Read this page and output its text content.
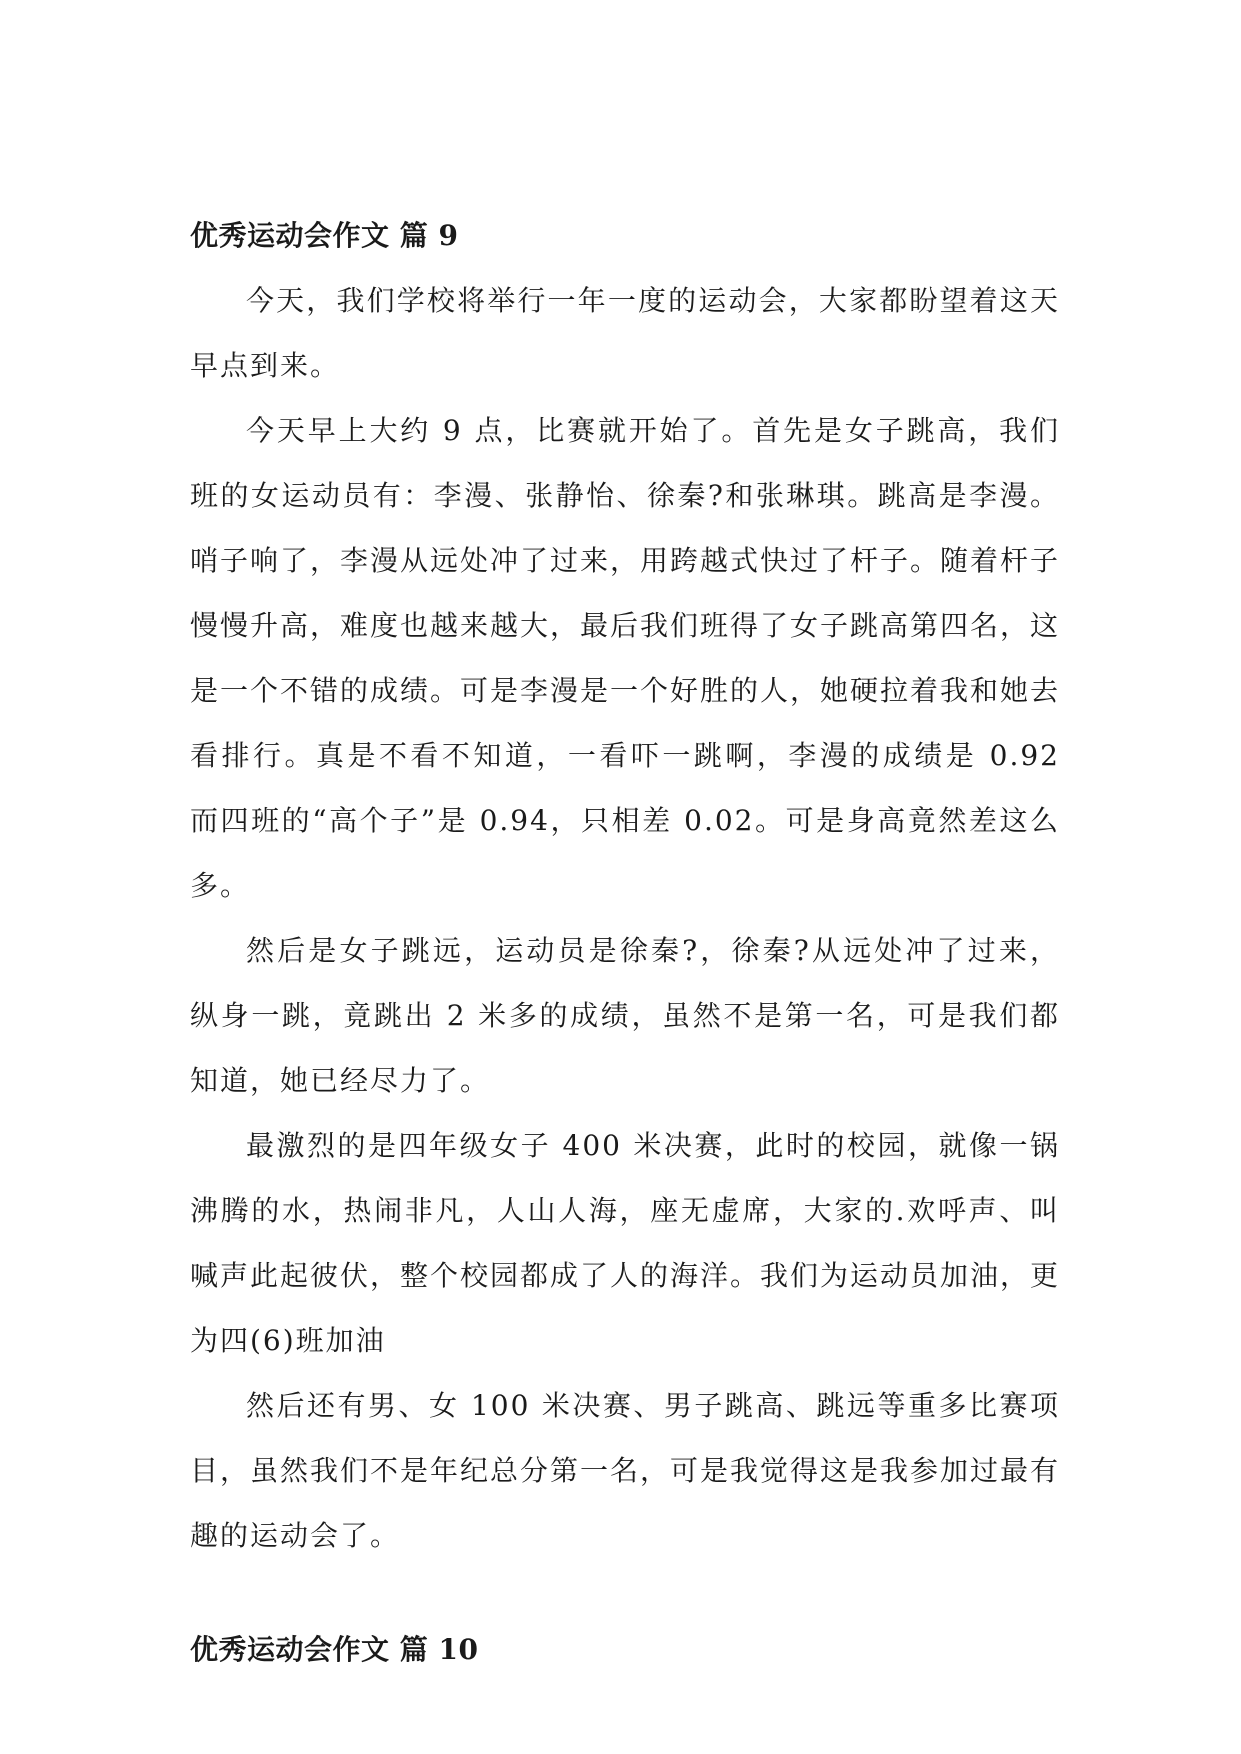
优秀运动会作文 篇 9

今天，我们学校将举行一年一度的运动会，大家都盼望着这天早点到来。

今天早上大约 9 点，比赛就开始了。首先是女子跳高，我们班的女运动员有：李漫、张静怡、徐秦?和张琳琪。跳高是李漫。哨子响了，李漫从远处冲了过来，用跨越式快过了杆子。随着杆子慢慢升高，难度也越来越大，最后我们班得了女子跳高第四名，这是一个不错的成绩。可是李漫是一个好胜的人，她硬拉着我和她去看排行。真是不看不知道，一看吓一跳啊，李漫的成绩是 0.92 而四班的“高个子”是 0.94，只相差 0.02。可是身高竟然差这么多。

然后是女子跳远，运动员是徐秦?，徐秦?从远处冲了过来，纵身一跳，竟跳出 2 米多的成绩，虽然不是第一名，可是我们都知道，她已经尽力了。

最激烈的是四年级女子 400 米决赛，此时的校园，就像一锅沸腾的水，热闹非凡，人山人海，座无虚席，大家的.欢呼声、叫喊声此起彼伏，整个校园都成了人的海洋。我们为运动员加油，更为四(6)班加油

然后还有男、女 100 米决赛、男子跳高、跳远等重多比赛项目，虽然我们不是年纪总分第一名，可是我觉得这是我参加过最有趣的运动会了。

优秀运动会作文 篇 10
